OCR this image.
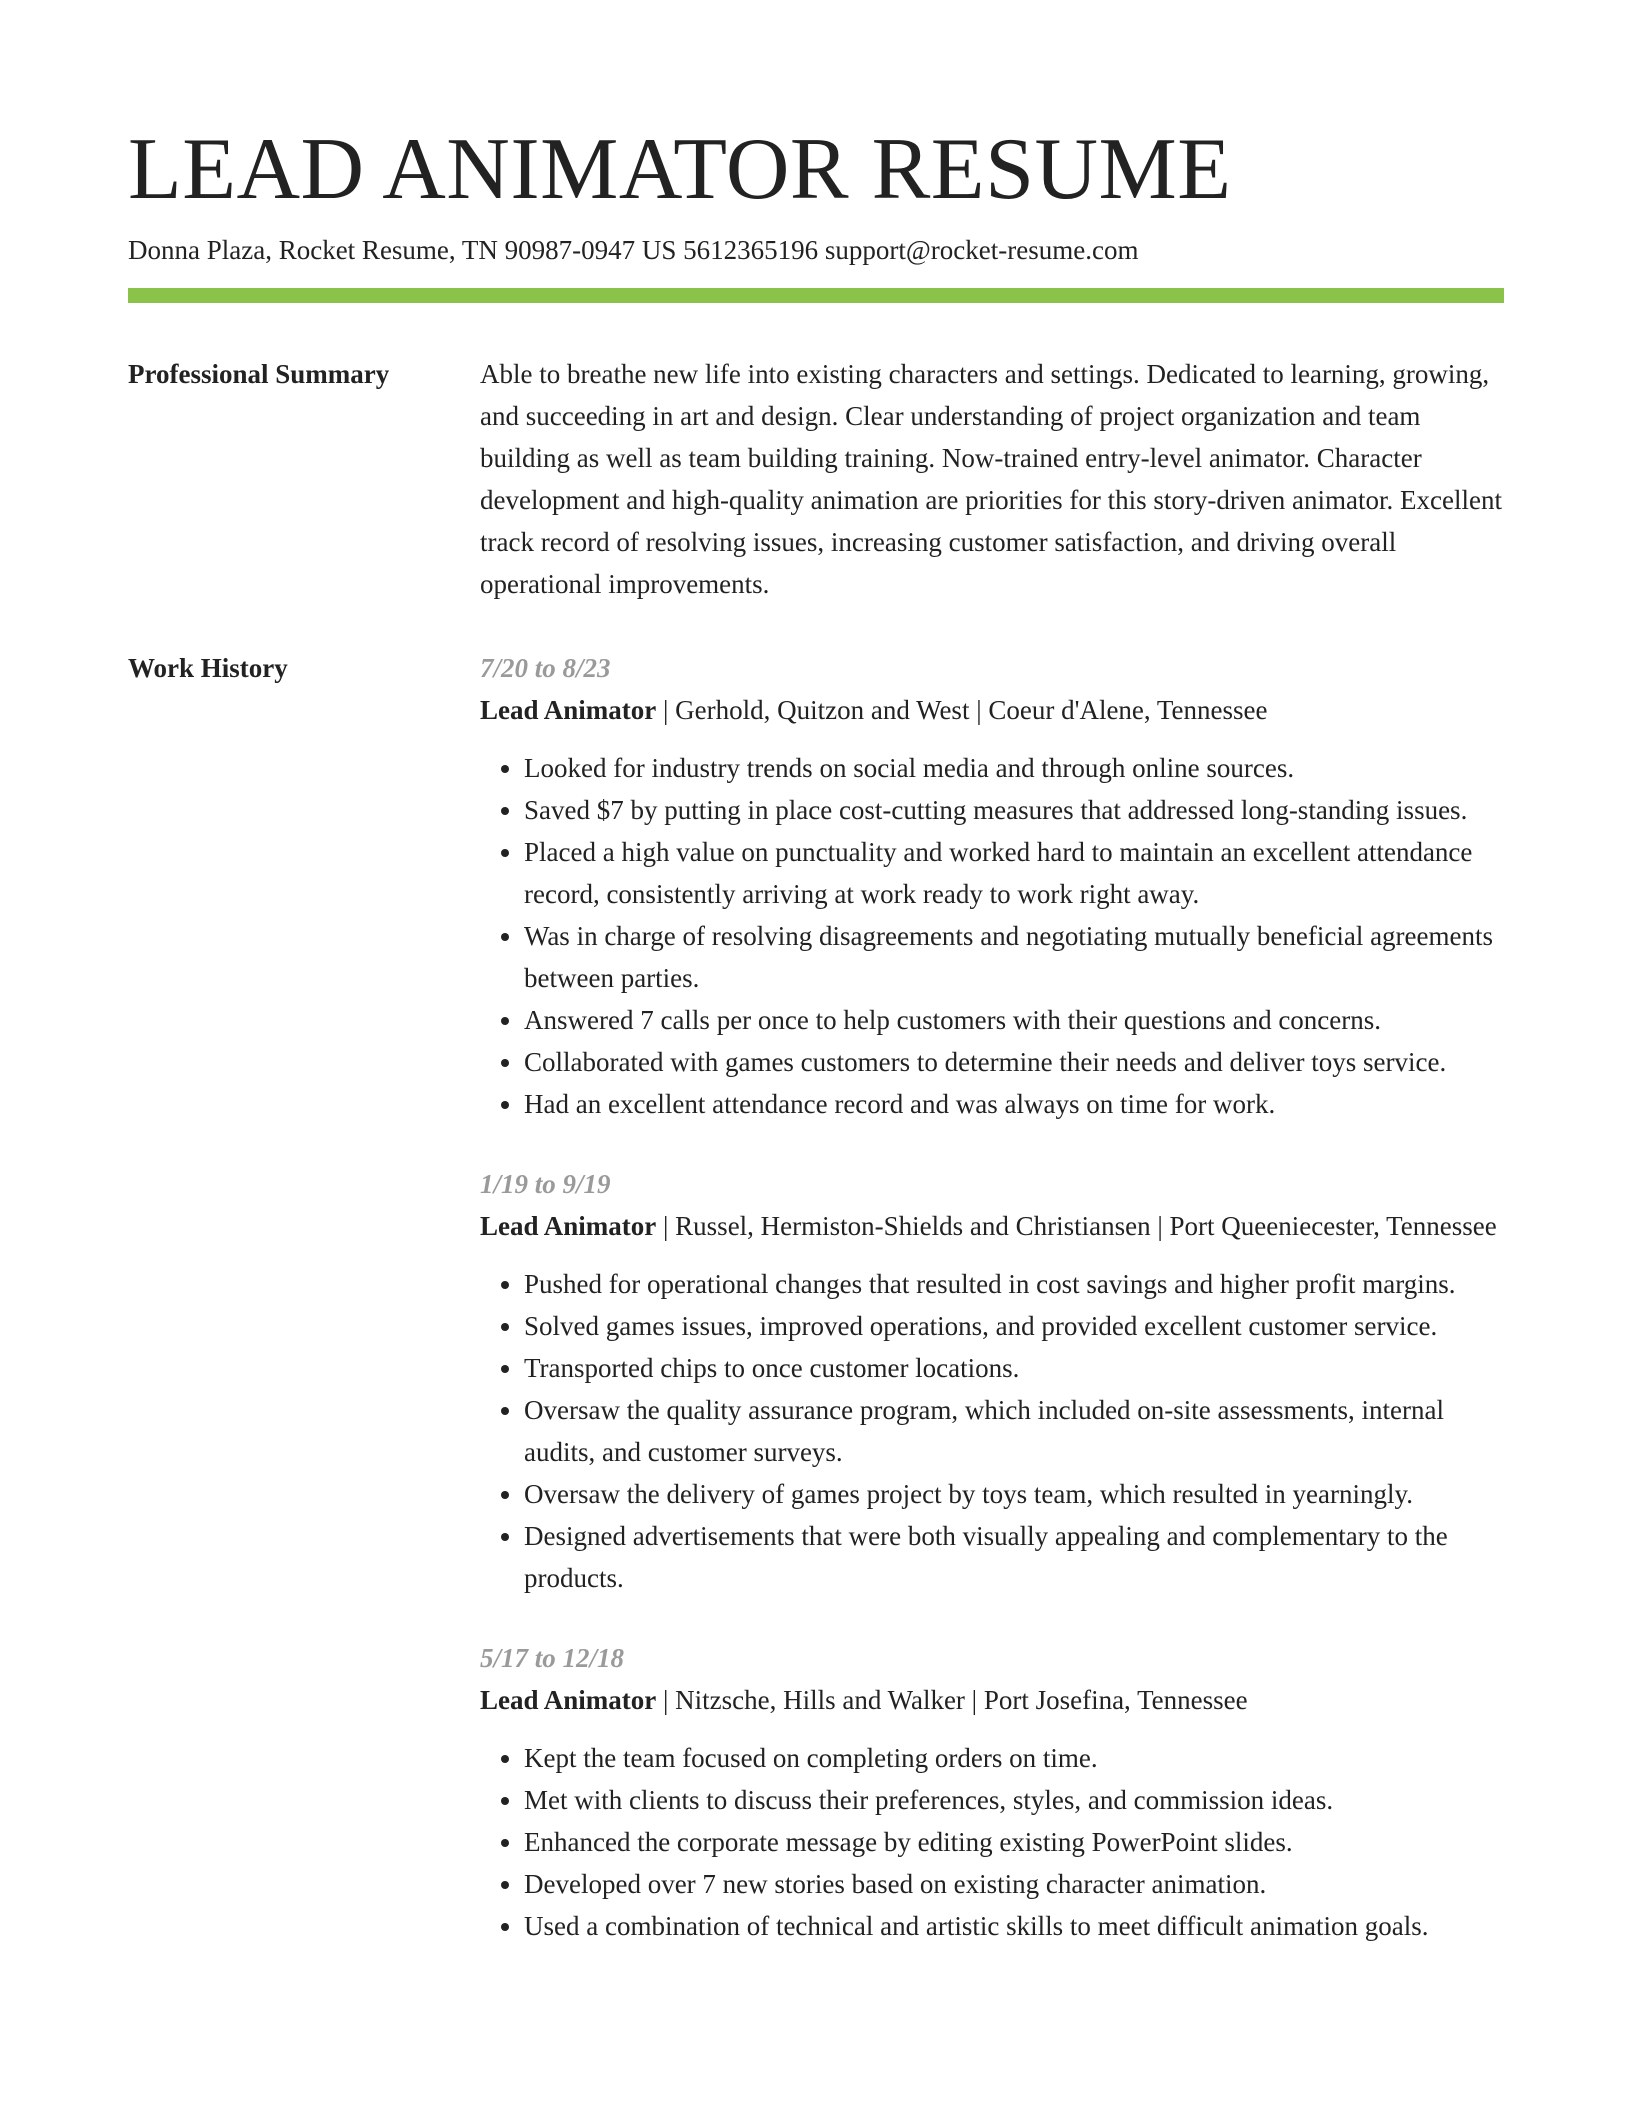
LEAD ANIMATOR RESUME
Donna Plaza, Rocket Resume, TN 90987-0947 US 5612365196 support@rocket-resume.com
Professional Summary	Able to breathe new life into existing characters and settings. Dedicated to learning, growing, and succeeding in art and design. Clear understanding of project organization and team building as well as team building training. Now-trained entry-level animator. Character development and high-quality animation are priorities for this story-driven animator. Excellent track record of resolving issues, increasing customer satisfaction, and driving overall operational improvements.

Work History	7/20 to 8/23
Lead Animator | Gerhold, Quitzon and West | Coeur d'Alene, Tennessee
• Looked for industry trends on social media and through online sources.
• Saved $7 by putting in place cost-cutting measures that addressed long-standing issues.
• Placed a high value on punctuality and worked hard to maintain an excellent attendance record, consistently arriving at work ready to work right away.
• Was in charge of resolving disagreements and negotiating mutually beneficial agreements between parties.
• Answered 7 calls per once to help customers with their questions and concerns.
• Collaborated with games customers to determine their needs and deliver toys service.
• Had an excellent attendance record and was always on time for work.
1/19 to 9/19
Lead Animator | Russel, Hermiston-Shields and Christiansen | Port Queeniecester, Tennessee
• Pushed for operational changes that resulted in cost savings and higher profit margins.
• Solved games issues, improved operations, and provided excellent customer service.
• Transported chips to once customer locations.
• Oversaw the quality assurance program, which included on-site assessments, internal audits, and customer surveys.
• Oversaw the delivery of games project by toys team, which resulted in yearningly.
• Designed advertisements that were both visually appealing and complementary to the products.
5/17 to 12/18
Lead Animator | Nitzsche, Hills and Walker | Port Josefina, Tennessee
• Kept the team focused on completing orders on time.
• Met with clients to discuss their preferences, styles, and commission ideas.
• Enhanced the corporate message by editing existing PowerPoint slides.
• Developed over 7 new stories based on existing character animation.
• Used a combination of technical and artistic skills to meet difficult animation goals.
